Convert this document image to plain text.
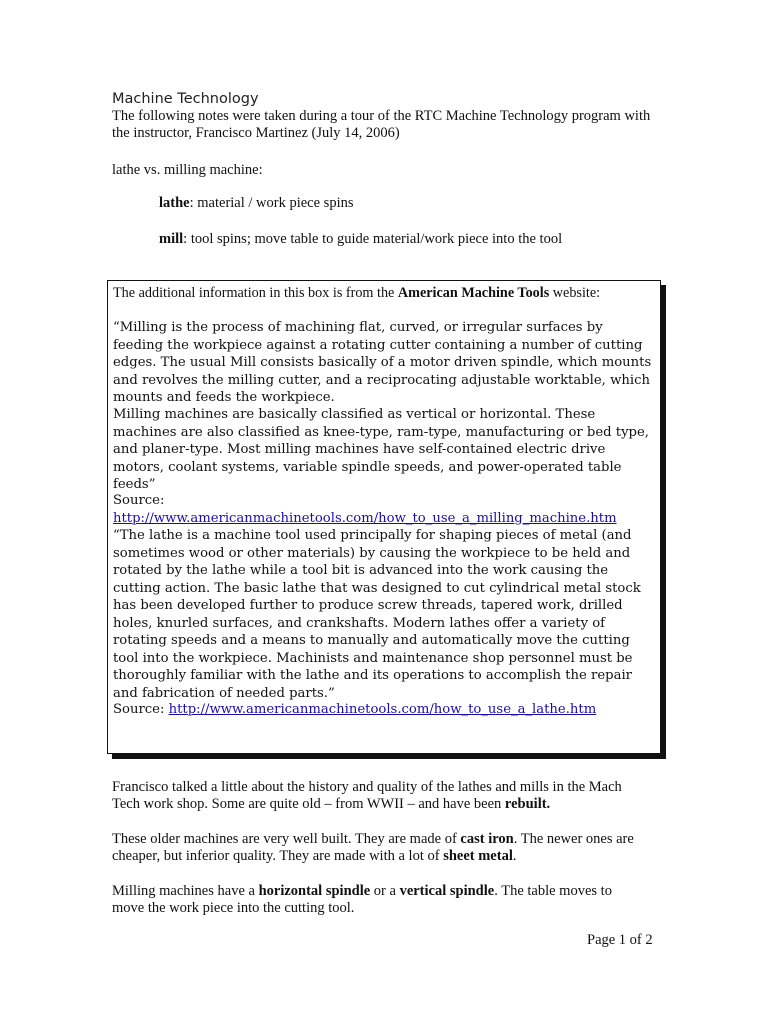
Machine Technology

The following notes were taken during a tour of the RTC Machine Technology program with the instructor, Francisco Martinez (July 14, 2006)

lathe vs. milling machine:

lathe: material / work piece spins

mill: tool spins; move table to guide material/work piece into the tool

The additional information in this box is from the American Machine Tools website:

“Milling is the process of machining flat, curved, or irregular surfaces by feeding the workpiece against a rotating cutter containing a number of cutting edges. The usual Mill consists basically of a motor driven spindle, which mounts and revolves the milling cutter, and a reciprocating adjustable worktable, which mounts and feeds the workpiece.

Milling machines are basically classified as vertical or horizontal. These machines are also classified as knee-type, ram-type, manufacturing or bed type, and planer-type. Most milling machines have self-contained electric drive motors, coolant systems, variable spindle speeds, and power-operated table feeds”

Source: http://www.americanmachinetools.com/how_to_use_a_milling_machine.htm

“The lathe is a machine tool used principally for shaping pieces of metal (and sometimes wood or other materials) by causing the workpiece to be held and rotated by the lathe while a tool bit is advanced into the work causing the cutting action. The basic lathe that was designed to cut cylindrical metal stock has been developed further to produce screw threads, tapered work, drilled holes, knurled surfaces, and crankshafts. Modern lathes offer a variety of rotating speeds and a means to manually and automatically move the cutting tool into the workpiece. Machinists and maintenance shop personnel must be thoroughly familiar with the lathe and its operations to accomplish the repair and fabrication of needed parts.”

Source: http://www.americanmachinetools.com/how_to_use_a_lathe.htm

Francisco talked a little about the history and quality of the lathes and mills in the Mach Tech work shop. Some are quite old – from WWII – and have been rebuilt.

These older machines are very well built. They are made of cast iron. The newer ones are cheaper, but inferior quality. They are made with a lot of sheet metal.

Milling machines have a horizontal spindle or a vertical spindle. The table moves to move the work piece into the cutting tool.

Page 1 of 2
